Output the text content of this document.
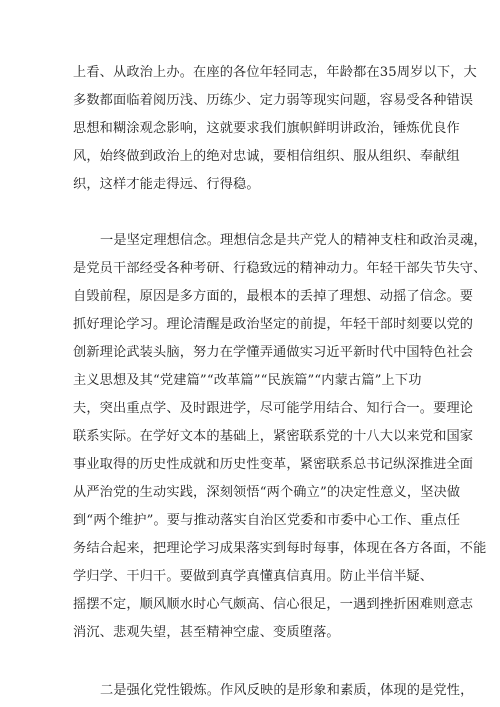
上看、从政治上办。在座的各位年轻同志，年龄都在35周岁以下，大
多数都面临着阅历浅、历练少、定力弱等现实问题，容易受各种错误
思想和糊涂观念影响，这就要求我们旗帜鲜明讲政治，锤炼优良作
风，始终做到政治上的绝对忠诚，要相信组织、服从组织、奉献组
织，这样才能走得远、行得稳。
一是坚定理想信念。理想信念是共产党人的精神支柱和政治灵魂，
是党员干部经受各种考研、行稳致远的精神动力。年轻干部失节失守、
自毁前程，原因是多方面的，最根本的丢掉了理想、动摇了信念。要
抓好理论学习。理论清醒是政治坚定的前提，年轻干部时刻要以党的
创新理论武装头脑，努力在学懂弄通做实习近平新时代中国特色社会
主义思想及其“党建篇”“改革篇”“民族篇”“内蒙古篇”上下功
夫，突出重点学、及时跟进学，尽可能学用结合、知行合一。要理论
联系实际。在学好文本的基础上，紧密联系党的十八大以来党和国家
事业取得的历史性成就和历史性变革，紧密联系总书记纵深推进全面
从严治党的生动实践，深刻领悟“两个确立”的决定性意义，坚决做
到“两个维护”。要与推动落实自治区党委和市委中心工作、重点任
务结合起来，把理论学习成果落实到每时每事，体现在各方各面，不能
学归学、干归干。要做到真学真懂真信真用。防止半信半疑、
摇摆不定，顺风顺水时心气颇高、信心很足，一遇到挫折困难则意志
消沉、悲观失望，甚至精神空虚、变质堕落。
二是强化党性锻炼。作风反映的是形象和素质，体现的是党性，
